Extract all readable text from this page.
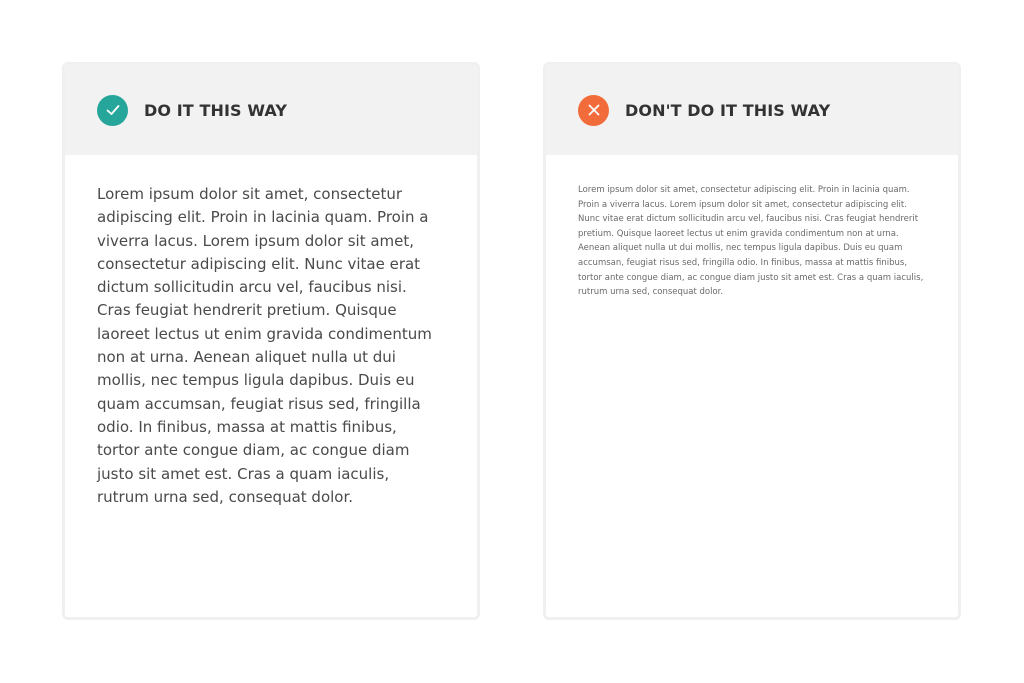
DO IT THIS WAY

Lorem ipsum dolor sit amet, consectetur adipiscing elit. Proin in lacinia quam. Proin a viverra lacus. Lorem ipsum dolor sit amet, consectetur adipiscing elit. Nunc vitae erat dictum sollicitudin arcu vel, faucibus nisi. Cras feugiat hendrerit pretium. Quisque laoreet lectus ut enim gravida condimentum non at urna. Aenean aliquet nulla ut dui mollis, nec tempus ligula dapibus. Duis eu quam accumsan, feugiat risus sed, fringilla odio. In finibus, massa at mattis finibus, tortor ante congue diam, ac congue diam justo sit amet est. Cras a quam iaculis, rutrum urna sed, consequat dolor.

DON'T DO IT THIS WAY

Lorem ipsum dolor sit amet, consectetur adipiscing elit. Proin in lacinia quam. Proin a viverra lacus. Lorem ipsum dolor sit amet, consectetur adipiscing elit. Nunc vitae erat dictum sollicitudin arcu vel, faucibus nisi. Cras feugiat hendrerit pretium. Quisque laoreet lectus ut enim gravida condimentum non at urna. Aenean aliquet nulla ut dui mollis, nec tempus ligula dapibus. Duis eu quam accumsan, feugiat risus sed, fringilla odio. In finibus, massa at mattis finibus, tortor ante congue diam, ac congue diam justo sit amet est. Cras a quam iaculis, rutrum urna sed, consequat dolor.
